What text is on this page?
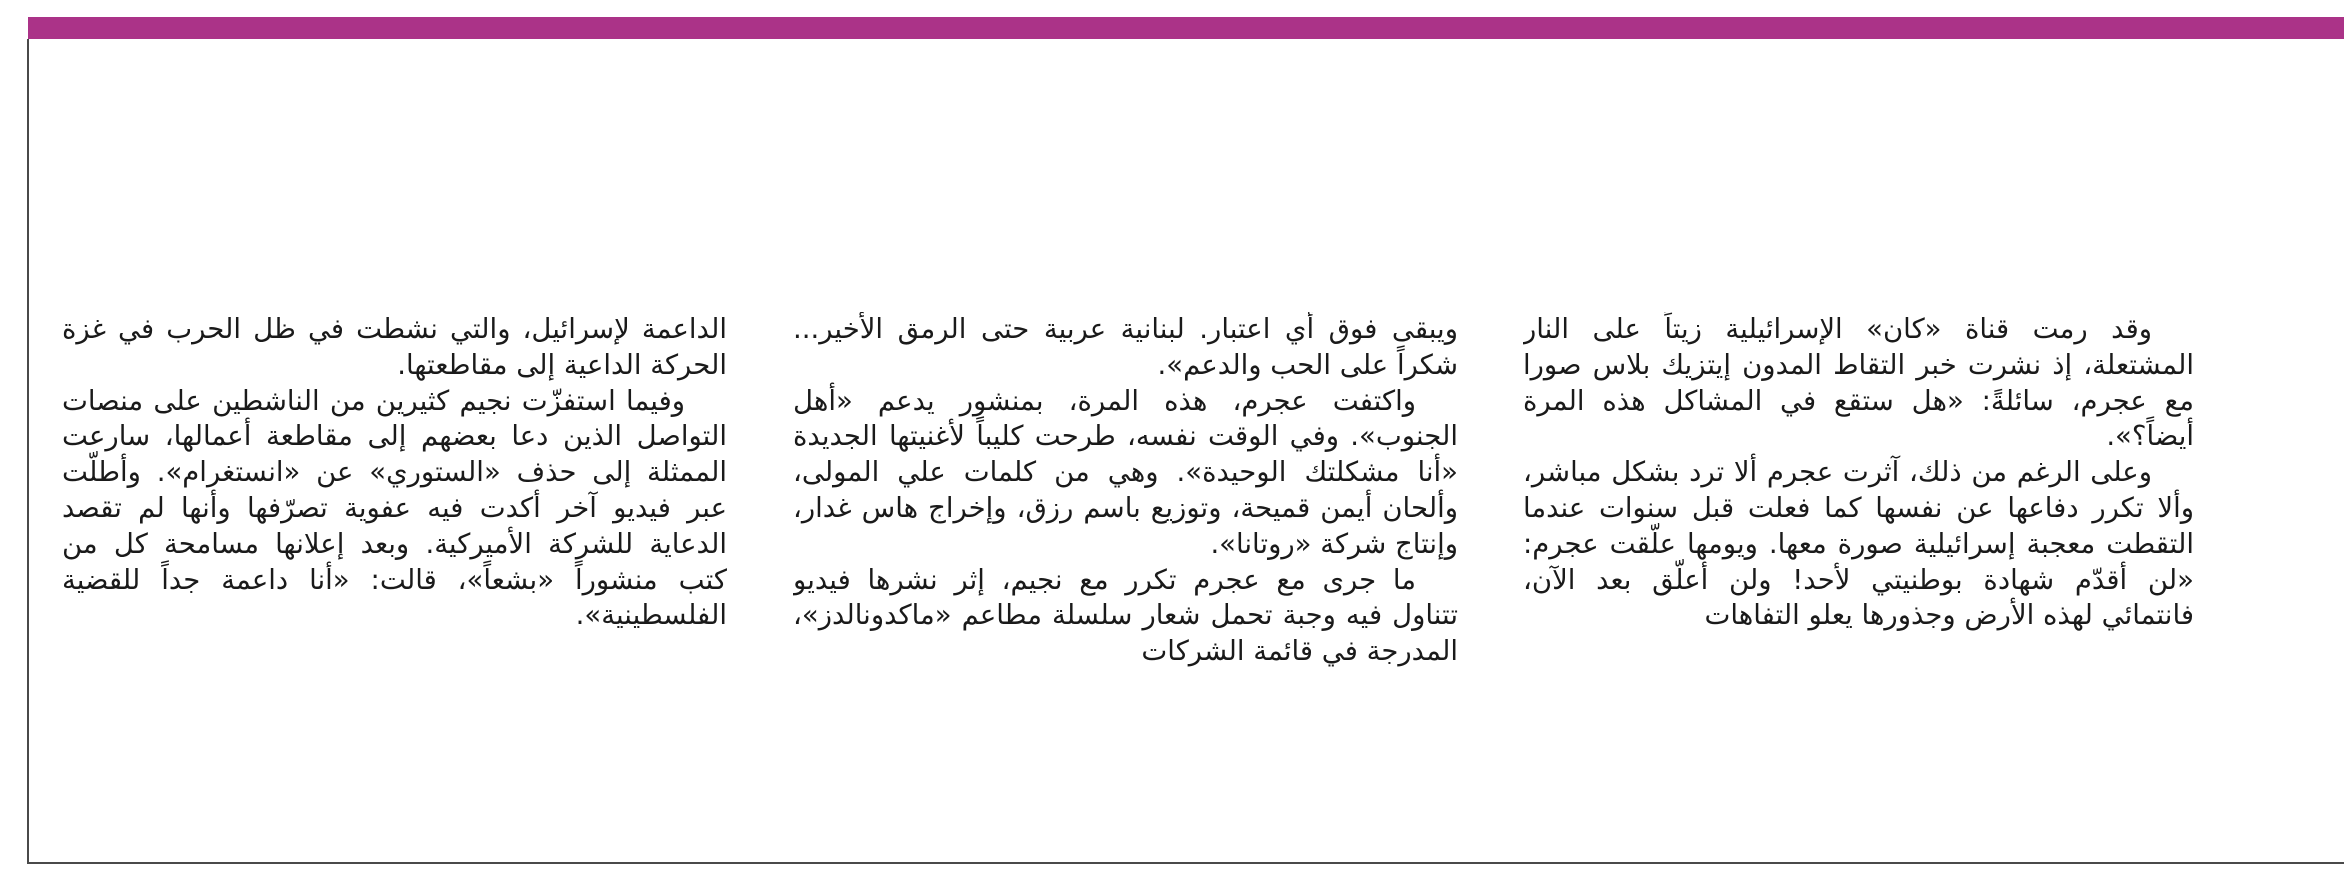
وقد رمت قناة «كان» الإسرائيلية زيتاً على النار المشتعلة، إذ نشرت خبر التقاط المدون إيتزيك بلاس صورا مع عجرم، سائلةً: «هل ستقع في المشاكل هذه المرة أيضاً؟».

وعلى الرغم من ذلك، آثرت عجرم ألا ترد بشكل مباشر، وألا تكرر دفاعها عن نفسها كما فعلت قبل سنوات عندما التقطت معجبة إسرائيلية صورة معها. ويومها علّقت عجرم: «لن أقدّم شهادة بوطنيتي لأحد! ولن أعلّق بعد الآن، فانتمائي لهذه الأرض وجذورها يعلو التفاهات

ويبقى فوق أي اعتبار. لبنانية عربية حتى الرمق الأخير... شكراً على الحب والدعم».

واكتفت عجرم، هذه المرة، بمنشور يدعم «أهل الجنوب». وفي الوقت نفسه، طرحت كليباً لأغنيتها الجديدة «أنا مشكلتك الوحيدة». وهي من كلمات علي المولى، وألحان أيمن قميحة، وتوزيع باسم رزق، وإخراج هاس غدار، وإنتاج شركة «روتانا».

ما جرى مع عجرم تكرر مع نجيم، إثر نشرها فيديو تتناول فيه وجبة تحمل شعار سلسلة مطاعم «ماكدونالدز»، المدرجة في قائمة الشركات

الداعمة لإسرائيل، والتي نشطت في ظل الحرب في غزة الحركة الداعية إلى مقاطعتها.

وفيما استفزّت نجيم كثيرين من الناشطين على منصات التواصل الذين دعا بعضهم إلى مقاطعة أعمالها، سارعت الممثلة إلى حذف «الستوري» عن «انستغرام». وأطلّت عبر فيديو آخر أكدت فيه عفوية تصرّفها وأنها لم تقصد الدعاية للشركة الأميركية. وبعد إعلانها مسامحة كل من كتب منشوراً «بشعاً»، قالت: «أنا داعمة جداً للقضية الفلسطينية».
